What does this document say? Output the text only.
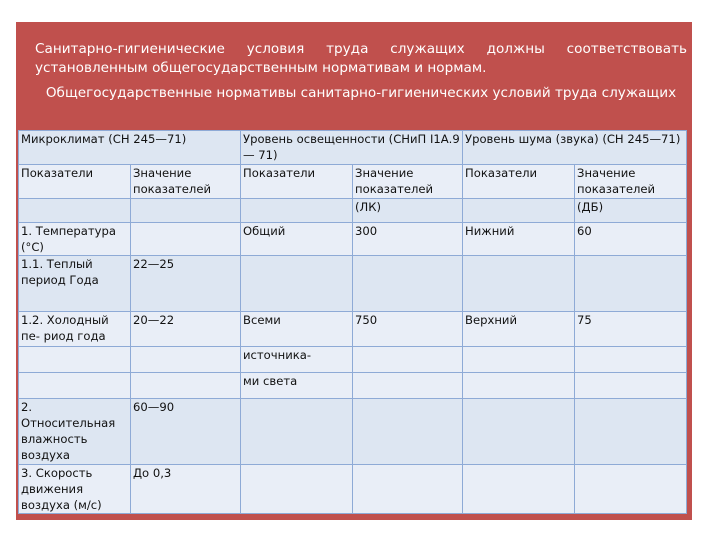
Санитарно-гигиенические условия труда служащих должны соответствовать установленным общегосударственным нормативам и нормам.
Общегосударственные нормативы санитарно-гигиенических условий труда служащих
Микроклимат (СН 245—71)		Уровень освещенности (СНиП I1А.9— 71)		Уровень шума (звука) (СН 245—71)	
Показатели	Значение показателей	Показатели	Значение показателей	Показатели	Значение показателей
			(ЛК)		(ДБ)
1. Температура (°С)		Общий	300	Нижний	60
1.1. Теплый период Года	22—25				
1.2. Холодный пе- риод года	20—22	Всеми	750	Верхний	75
		источника-			
		ми света			
2. Относительная влажность воздуха	60—90				
3. Скорость движения воздуха (м/с)	До 0,3				
